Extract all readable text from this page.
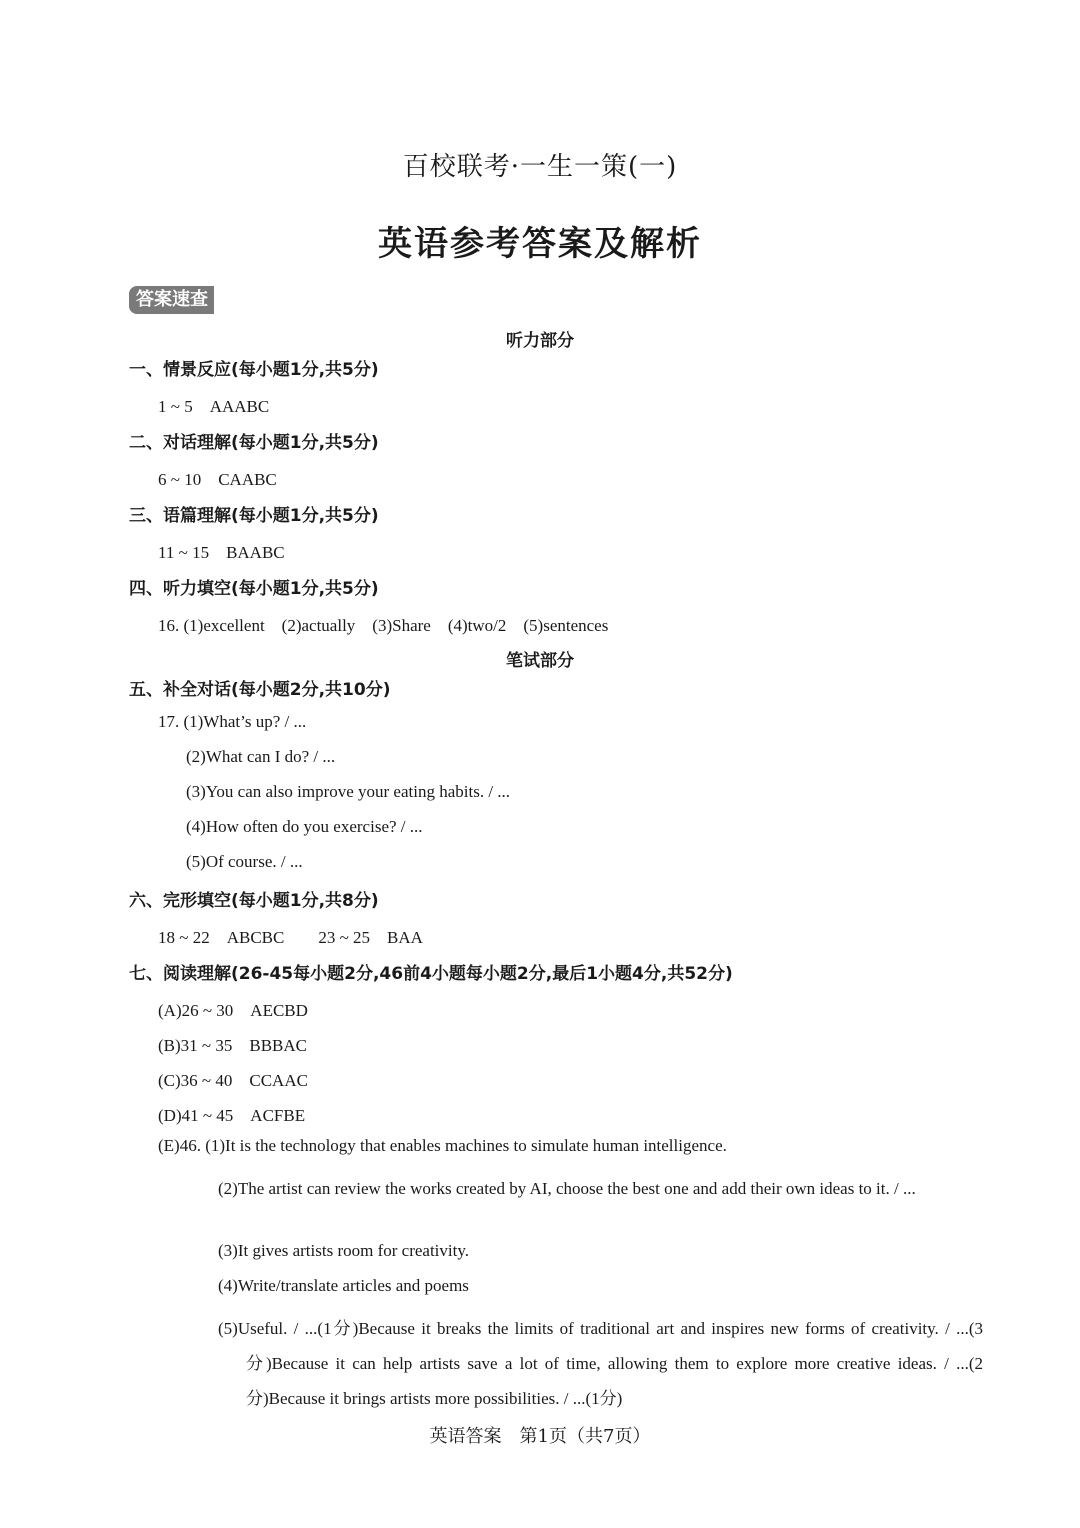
百校联考·一生一策(一)
英语参考答案及解析
答案速查
听力部分
一、情景反应(每小题1分,共5分)
1 ~ 5　AAABC
二、对话理解(每小题1分,共5分)
6 ~ 10　CAABC
三、语篇理解(每小题1分,共5分)
11 ~ 15　BAABC
四、听力填空(每小题1分,共5分)
16. (1)excellent　(2)actually　(3)Share　(4)two/2　(5)sentences
笔试部分
五、补全对话(每小题2分,共10分)
17. (1)What’s up? / ...
(2)What can I do? / ...
(3)You can also improve your eating habits. / ...
(4)How often do you exercise? / ...
(5)Of course. / ...
六、完形填空(每小题1分,共8分)
18 ~ 22　ABCBC　　23 ~ 25　BAA
七、阅读理解(26-45每小题2分,46前4小题每小题2分,最后1小题4分,共52分)
(A)26 ~ 30　AECBD
(B)31 ~ 35　BBBAC
(C)36 ~ 40　CCAAC
(D)41 ~ 45　ACFBE
(E)46. (1)It is the technology that enables machines to simulate human intelligence.
(2)The artist can review the works created by AI, choose the best one and add their own ideas to it. / ...
(3)It gives artists room for creativity.
(4)Write/translate articles and poems
(5)Useful. / ...(1分)Because it breaks the limits of traditional art and inspires new forms of creativity. / ...(3分)Because it can help artists save a lot of time, allowing them to explore more creative ideas. / ...(2分)Because it brings artists more possibilities. / ...(1分)
英语答案　第1页（共7页）
